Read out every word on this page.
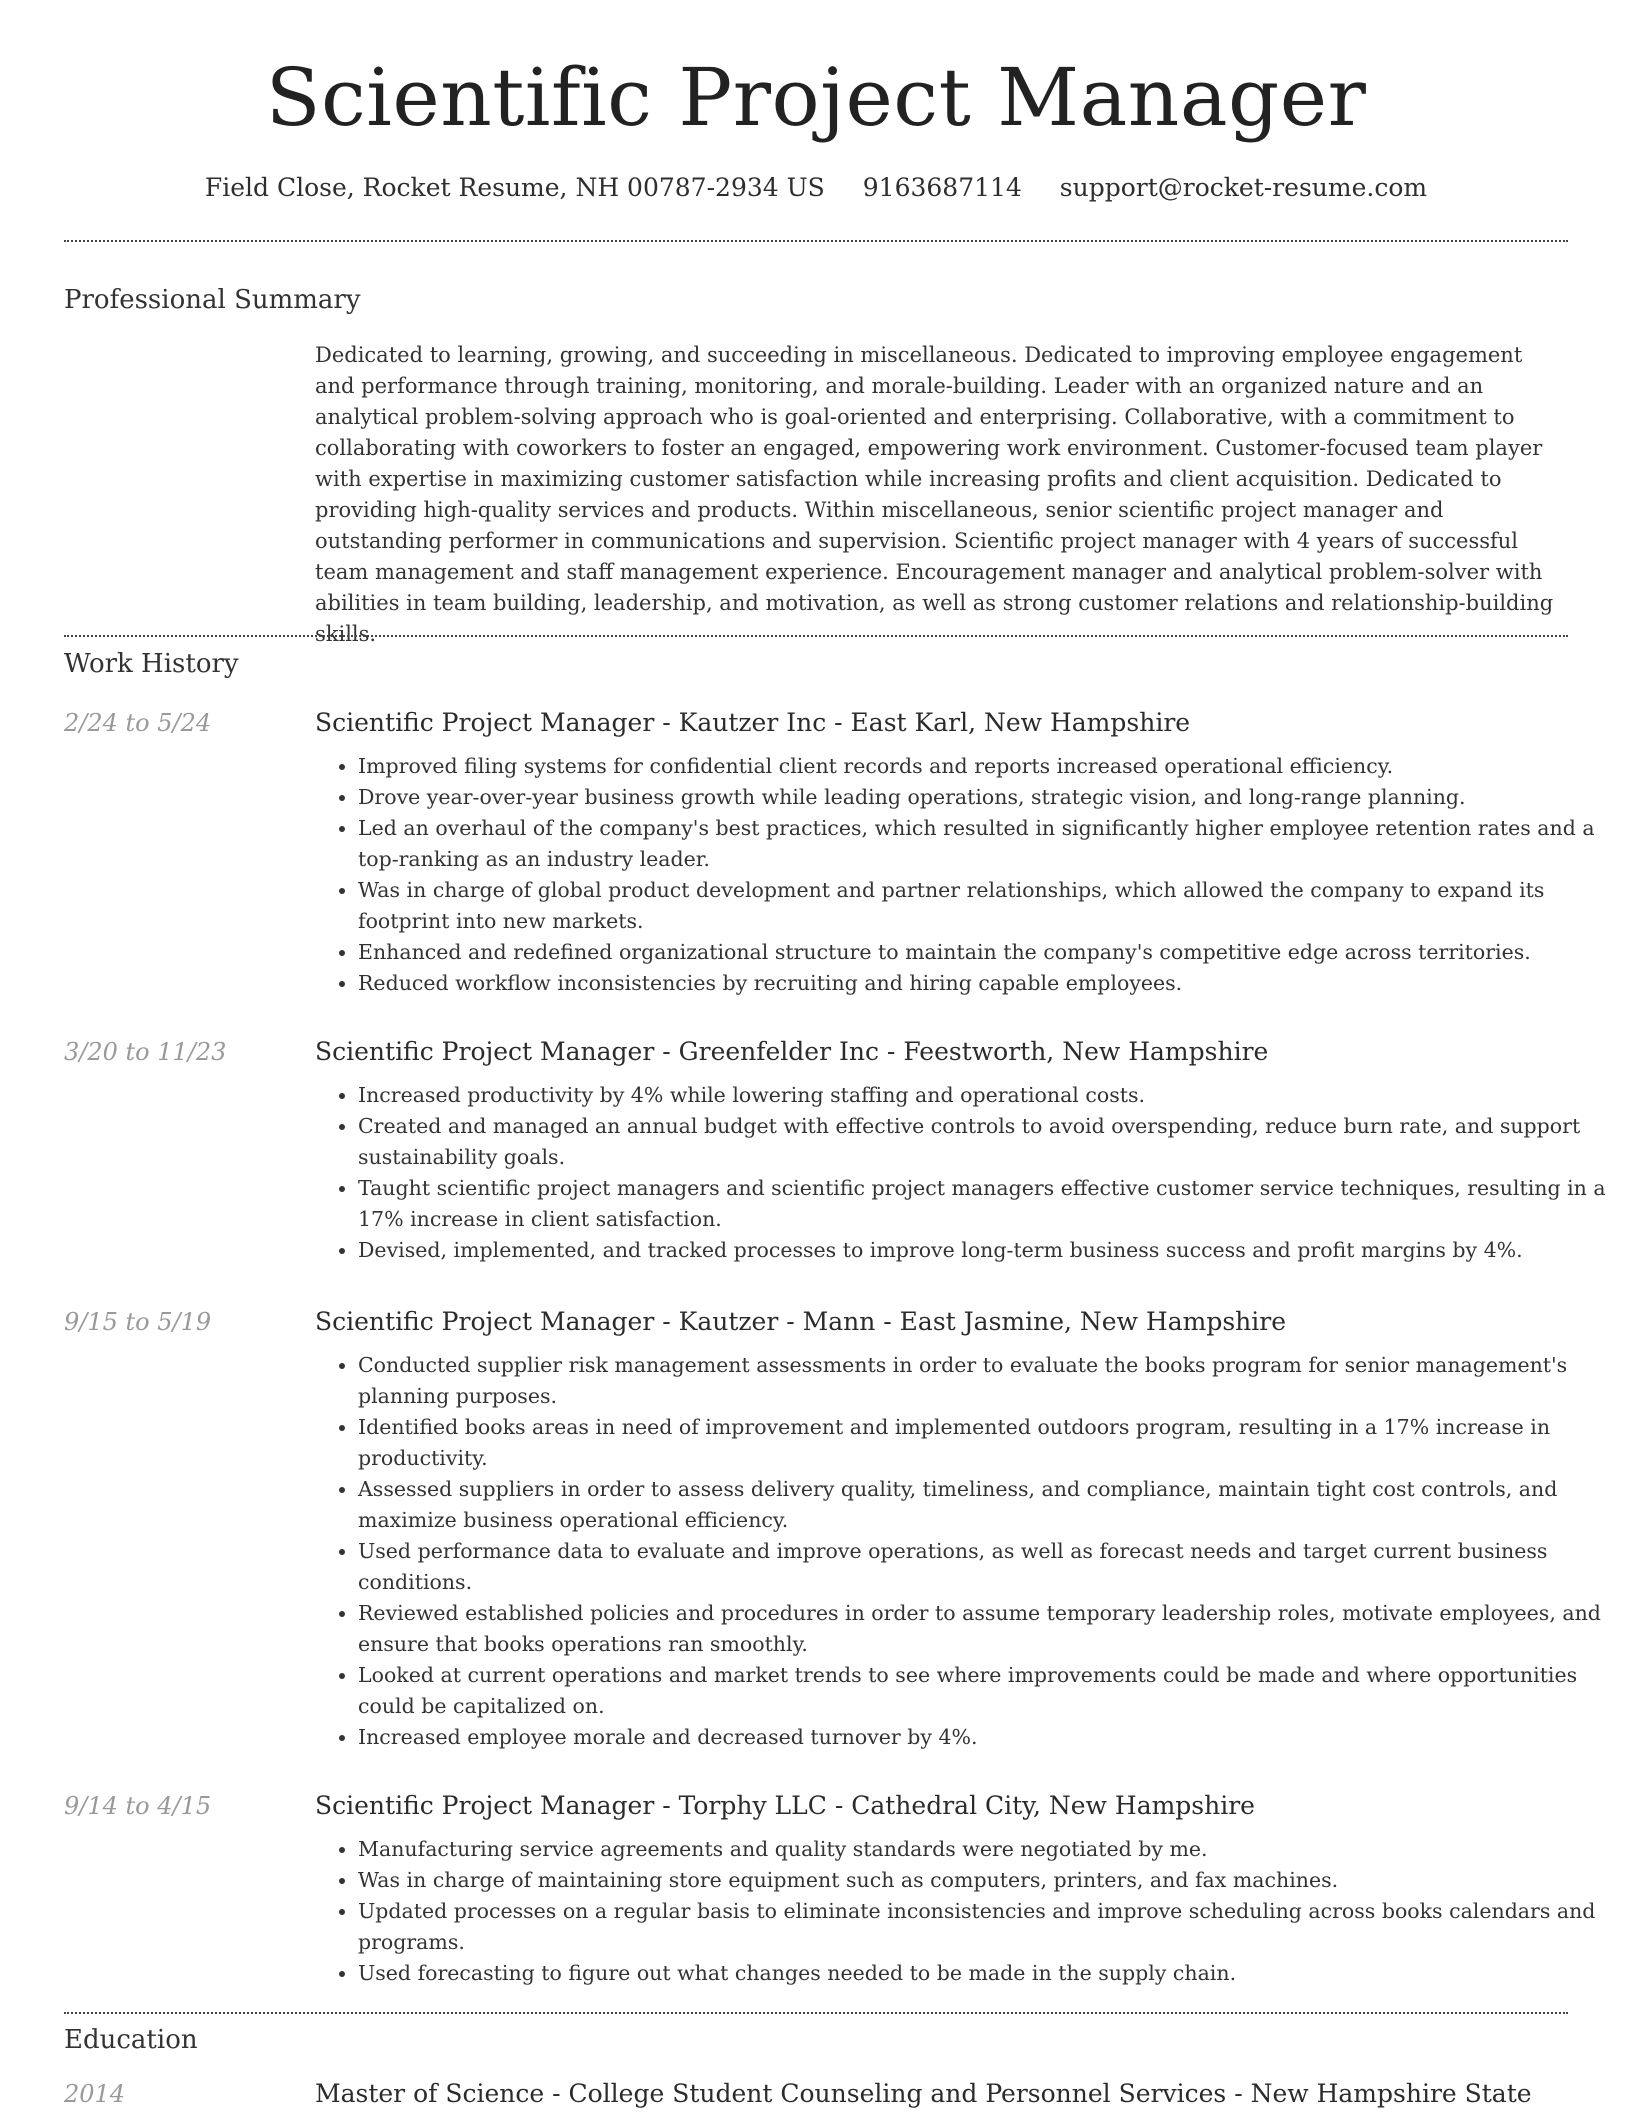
Scientific Project Manager
Field Close, Rocket Resume, NH 00787-2934 US 9163687114 support@rocket-resume.com
Professional Summary

Dedicated to learning, growing, and succeeding in miscellaneous. Dedicated to improving employee engagement and performance through training, monitoring, and morale-building. Leader with an organized nature and an analytical problem-solving approach who is goal-oriented and enterprising. Collaborative, with a commitment to collaborating with coworkers to foster an engaged, empowering work environment. Customer-focused team player with expertise in maximizing customer satisfaction while increasing profits and client acquisition. Dedicated to providing high-quality services and products. Within miscellaneous, senior scientific project manager and outstanding performer in communications and supervision. Scientific project manager with 4 years of successful team management and staff management experience. Encouragement manager and analytical problem-solver with abilities in team building, leadership, and motivation, as well as strong customer relations and relationship-building skills.

Work History
2/24 to 5/24	Scientific Project Manager - Kautzer Inc - East Karl, New Hampshire
• Improved filing systems for confidential client records and reports increased operational efficiency.
• Drove year-over-year business growth while leading operations, strategic vision, and long-range planning.
• Led an overhaul of the company's best practices, which resulted in significantly higher employee retention rates and a top-ranking as an industry leader.
• Was in charge of global product development and partner relationships, which allowed the company to expand its footprint into new markets.
• Enhanced and redefined organizational structure to maintain the company's competitive edge across territories.
• Reduced workflow inconsistencies by recruiting and hiring capable employees.
3/20 to 11/23	Scientific Project Manager - Greenfelder Inc - Feestworth, New Hampshire
• Increased productivity by 4% while lowering staffing and operational costs.
• Created and managed an annual budget with effective controls to avoid overspending, reduce burn rate, and support sustainability goals.
• Taught scientific project managers and scientific project managers effective customer service techniques, resulting in a 17% increase in client satisfaction.
• Devised, implemented, and tracked processes to improve long-term business success and profit margins by 4%.
9/15 to 5/19	Scientific Project Manager - Kautzer - Mann - East Jasmine, New Hampshire
• Conducted supplier risk management assessments in order to evaluate the books program for senior management's planning purposes.
• Identified books areas in need of improvement and implemented outdoors program, resulting in a 17% increase in productivity.
• Assessed suppliers in order to assess delivery quality, timeliness, and compliance, maintain tight cost controls, and maximize business operational efficiency.
• Used performance data to evaluate and improve operations, as well as forecast needs and target current business conditions.
• Reviewed established policies and procedures in order to assume temporary leadership roles, motivate employees, and ensure that books operations ran smoothly.
• Looked at current operations and market trends to see where improvements could be made and where opportunities could be capitalized on.
• Increased employee morale and decreased turnover by 4%.
9/14 to 4/15	Scientific Project Manager - Torphy LLC - Cathedral City, New Hampshire
• Manufacturing service agreements and quality standards were negotiated by me.
• Was in charge of maintaining store equipment such as computers, printers, and fax machines.
• Updated processes on a regular basis to eliminate inconsistencies and improve scheduling across books calendars and programs.
• Used forecasting to figure out what changes needed to be made in the supply chain.
Education
2014	Master of Science - College Student Counseling and Personnel Services - New Hampshire State
